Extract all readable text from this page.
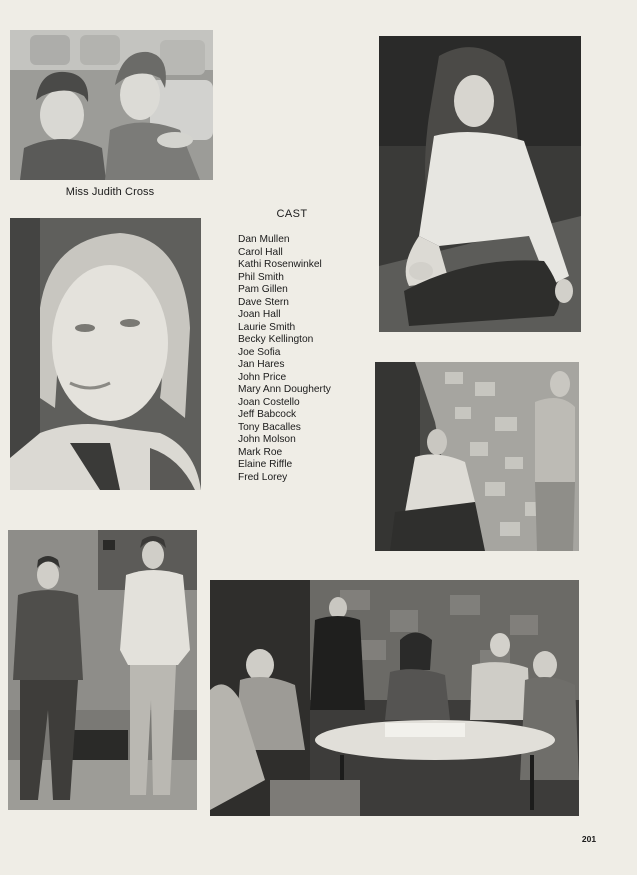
Miss Judith Cross
CAST
Dan Mullen
Carol Hall
Kathi Rosenwinkel
Phil Smith
Pam Gillen
Dave Stern
Joan Hall
Laurie Smith
Becky Kellington
Joe Sofia
Jan Hares
John Price
Mary Ann Dougherty
Joan Costello
Jeff Babcock
Tony Bacalles
John Molson
Mark Roe
Elaine Riffle
Fred Lorey
201
